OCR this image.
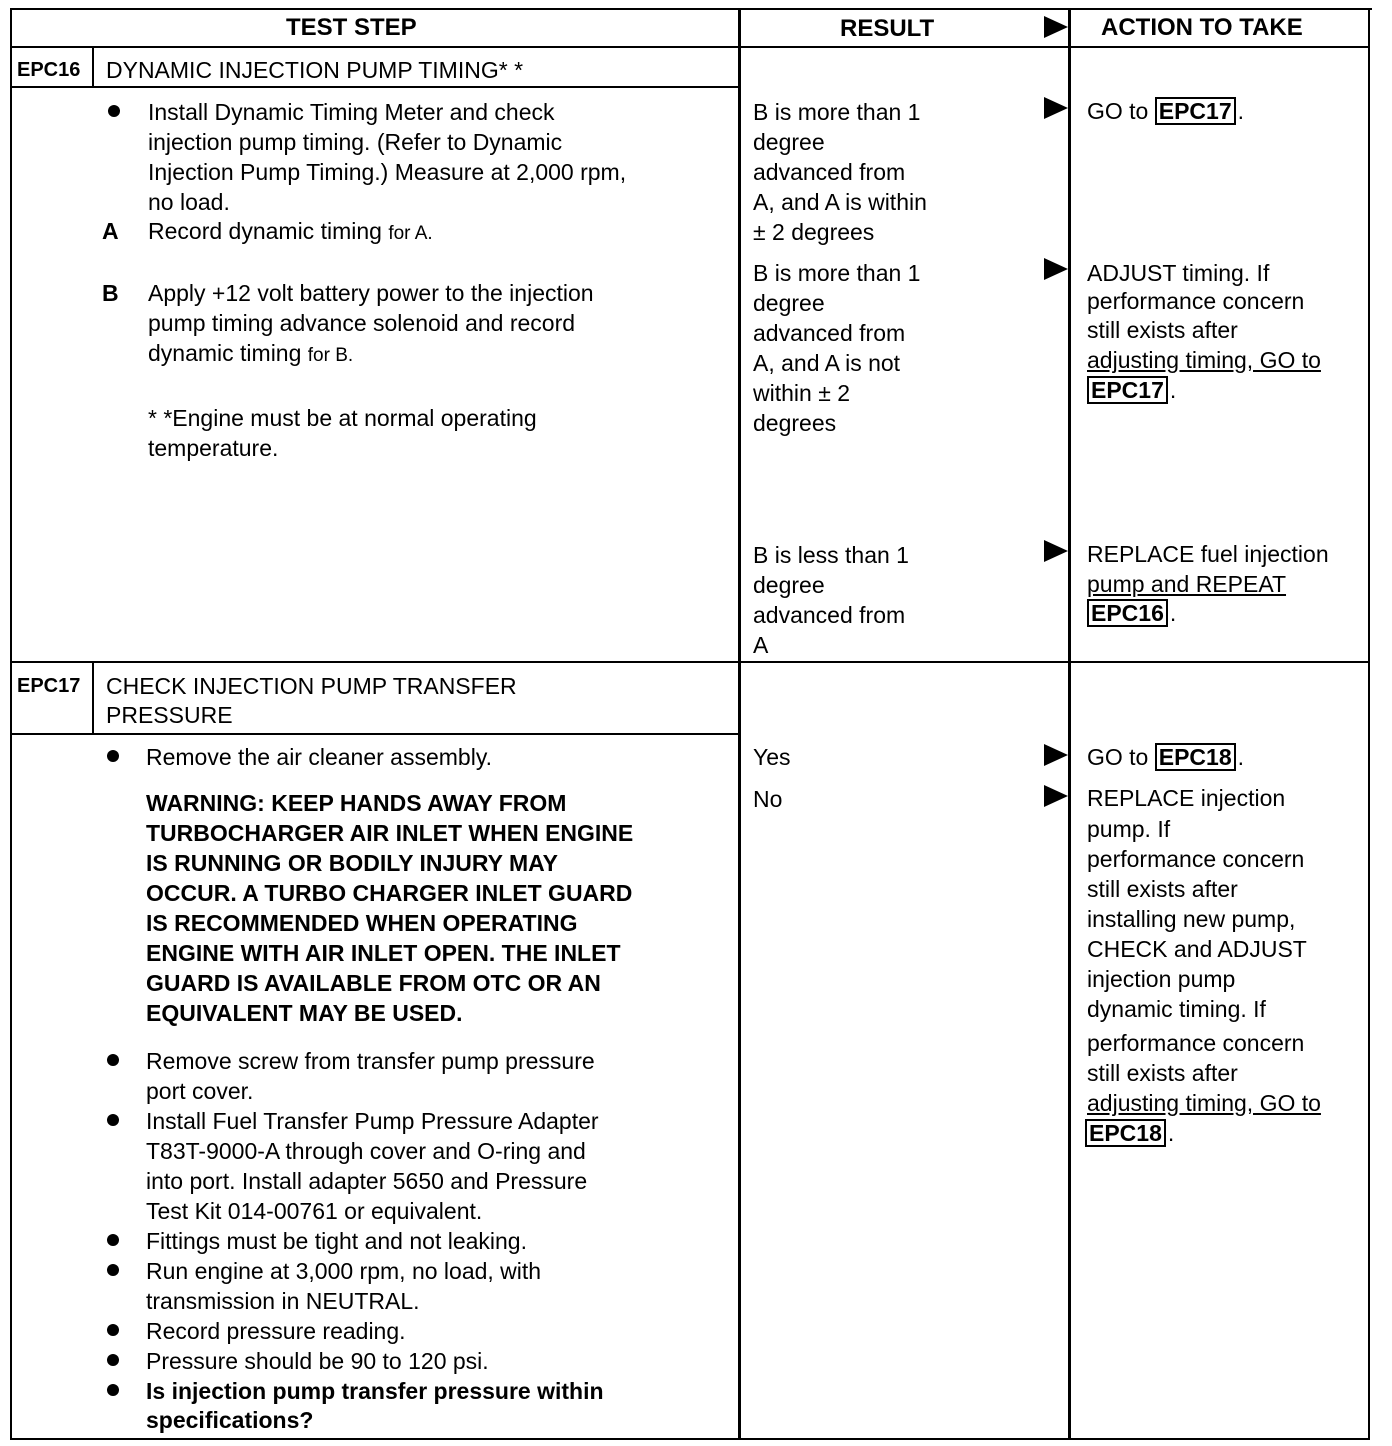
TEST STEP	RESULT	ACTION TO TAKE
EPC16 DYNAMIC INJECTION PUMP TIMING* *
Install Dynamic Timing Meter and check
injection pump timing. (Refer to Dynamic
Injection Pump Timing.) Measure at 2,000 rpm,
no load.
A Record dynamic timing for A.
B Apply +12 volt battery power to the injection
pump timing advance solenoid and record
dynamic timing for B.
* *Engine must be at normal operating
temperature.
B is more than 1
degree
advanced from
A, and A is within
± 2 degrees
B is more than 1
degree
advanced from
A, and A is not
within ± 2
degrees
B is less than 1
degree
advanced from
A
GO to EPC17 .
ADJUST timing. If
performance concern
still exists after
adjusting timing, GO to
EPC17 .
REPLACE fuel injection
pump and REPEAT
EPC16 .
EPC17 CHECK INJECTION PUMP TRANSFER
PRESSURE
Remove the air cleaner assembly.
WARNING: KEEP HANDS AWAY FROM
TURBOCHARGER AIR INLET WHEN ENGINE
IS RUNNING OR BODILY INJURY MAY
OCCUR. A TURBO CHARGER INLET GUARD
IS RECOMMENDED WHEN OPERATING
ENGINE WITH AIR INLET OPEN. THE INLET
GUARD IS AVAILABLE FROM OTC OR AN
EQUIVALENT MAY BE USED.
Remove screw from transfer pump pressure
port cover.
Install Fuel Transfer Pump Pressure Adapter
T83T-9000-A through cover and O-ring and
into port. Install adapter 5650 and Pressure
Test Kit 014-00761 or equivalent.
Fittings must be tight and not leaking.
Run engine at 3,000 rpm, no load, with
transmission in NEUTRAL.
Record pressure reading.
Pressure should be 90 to 120 psi.
Is injection pump transfer pressure within
specifications?
Yes
No
GO to EPC18 .
REPLACE injection
pump. If
performance concern
still exists after
installing new pump,
CHECK and ADJUST
injection pump
dynamic timing. If
performance concern
still exists after
adjusting timing, GO to
EPC18 .
